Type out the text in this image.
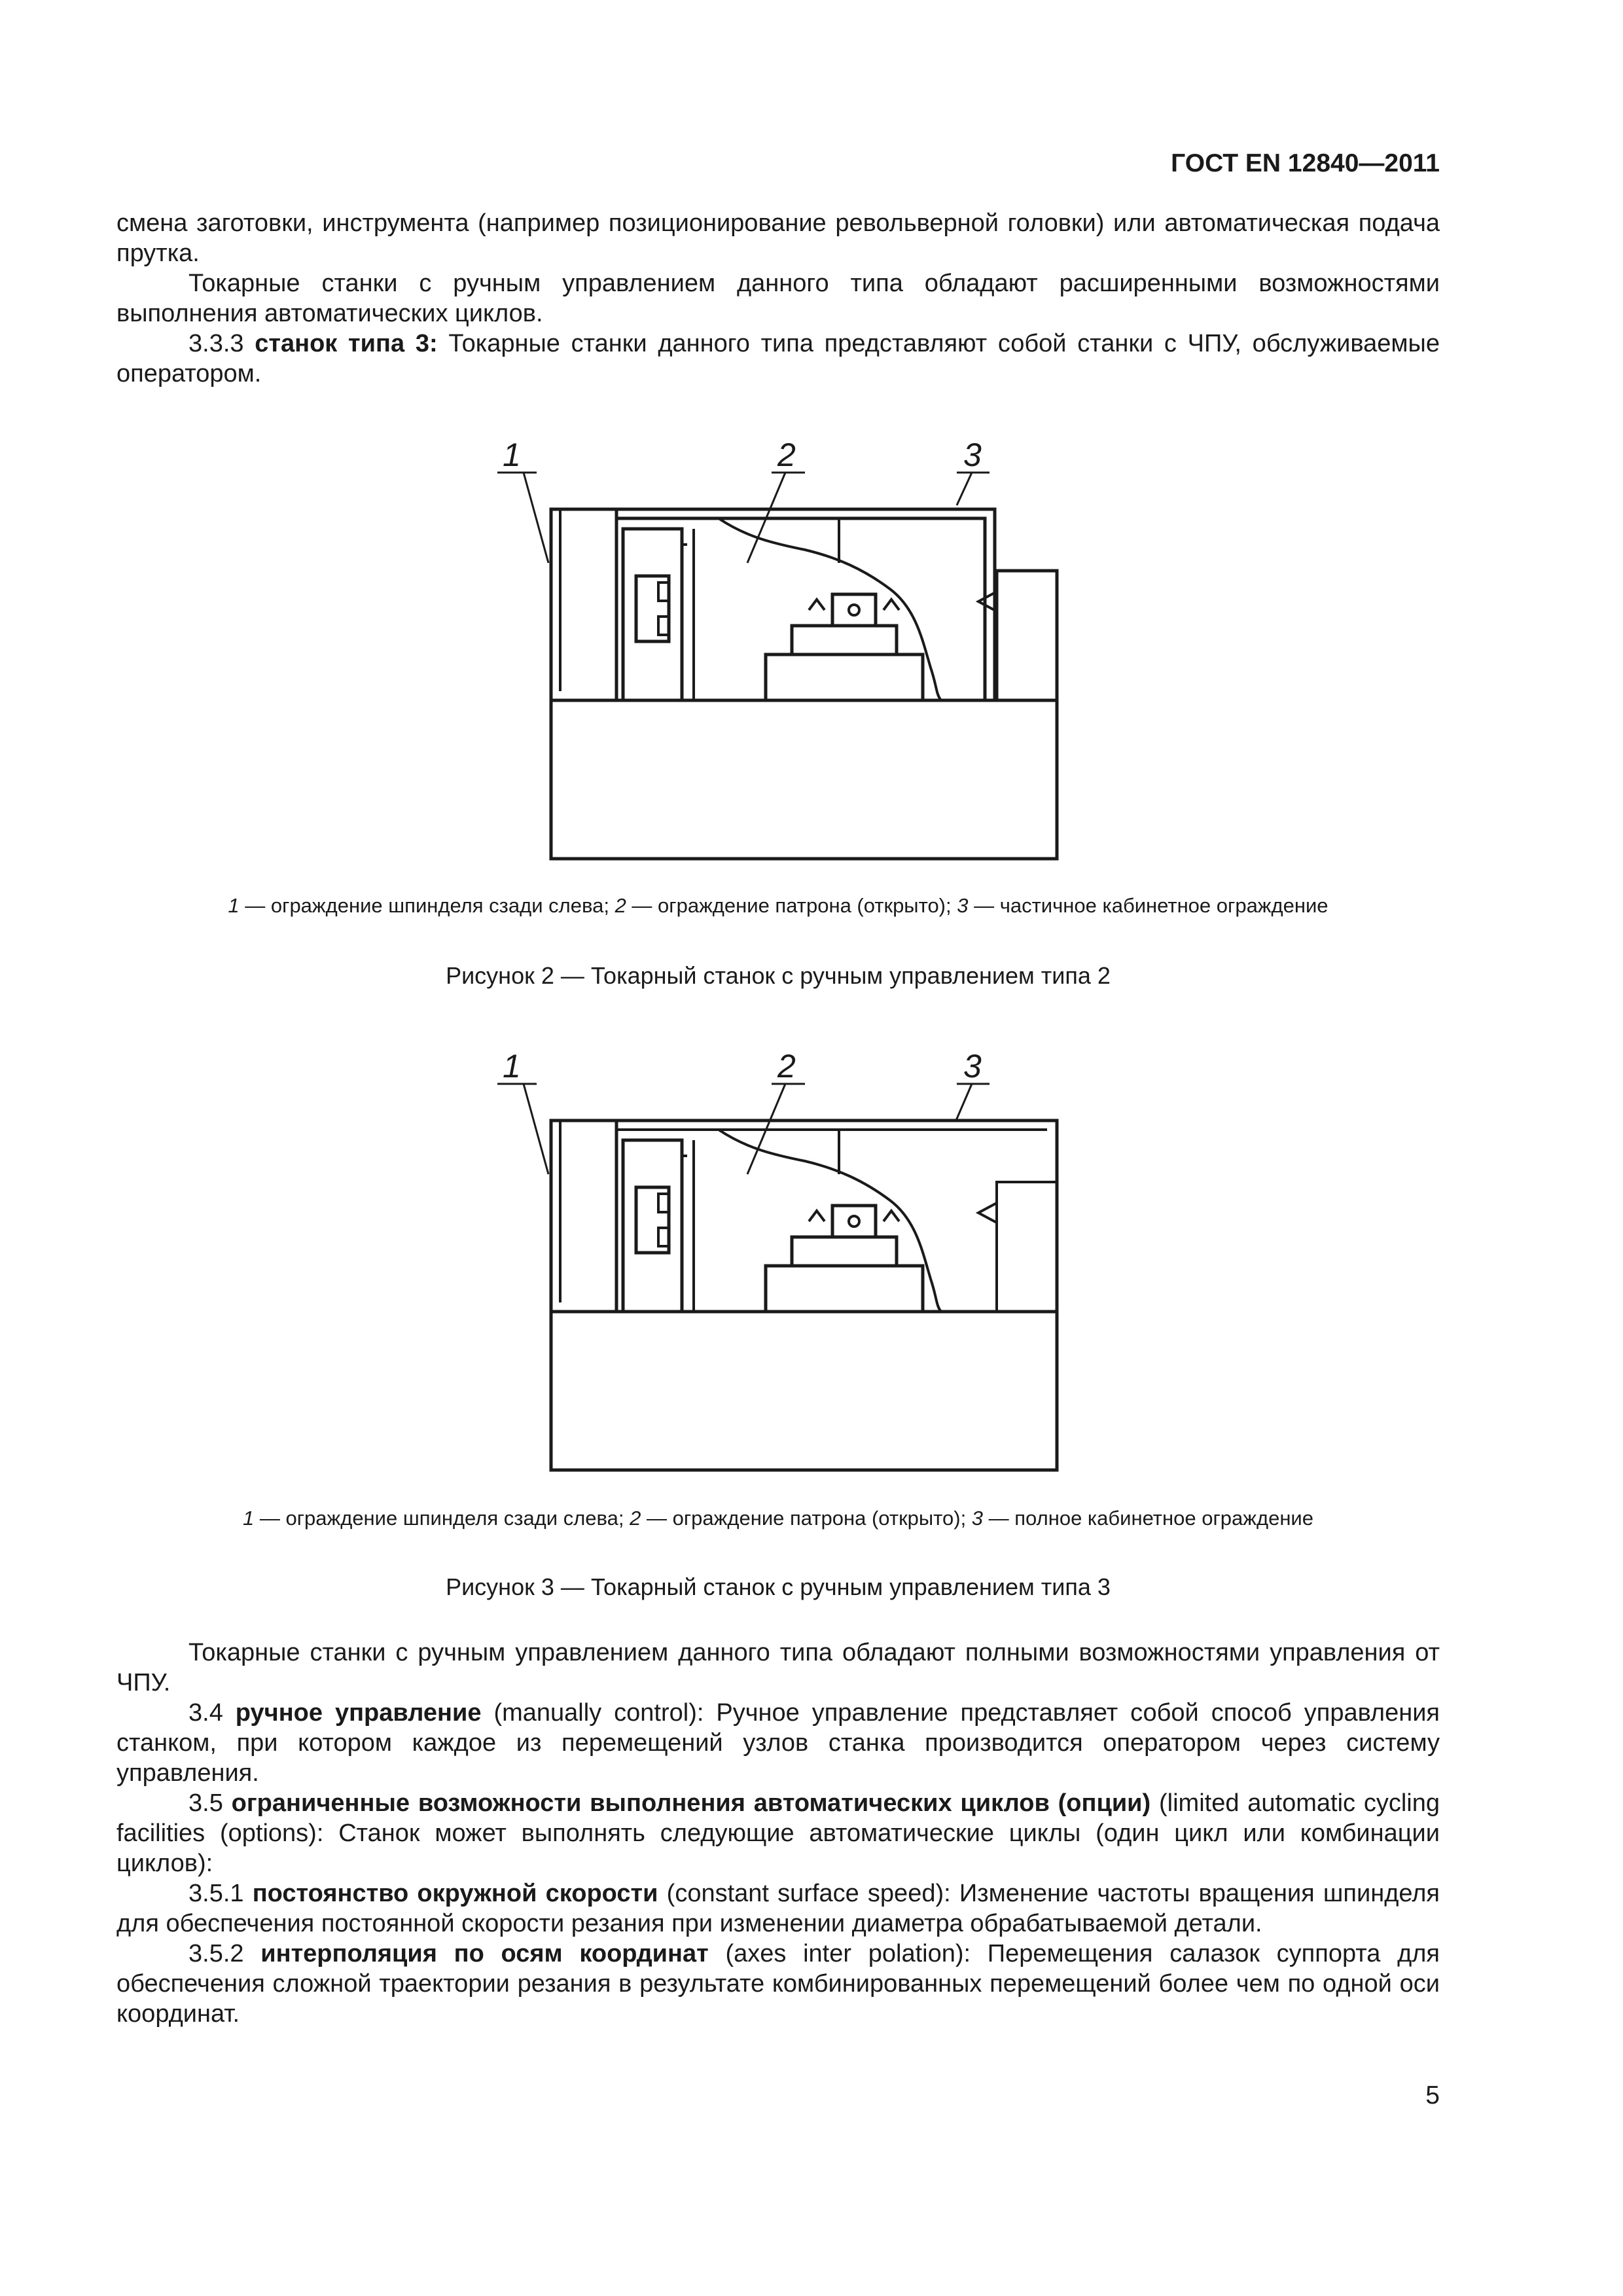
ГОСТ EN 12840—2011

смена заготовки, инструмента (например позиционирование револьверной головки) или автоматическая подача прутка.

Токарные станки с ручным управлением данного типа обладают расширенными возможностями выполнения автоматических циклов.

3.3.3 станок типа 3: Токарные станки данного типа представляют собой станки с ЧПУ, обслуживаемые оператором.

1	2	3
1 — ограждение шпинделя сзади слева; 2 — ограждение патрона (открыто); 3 — частичное кабинетное ограждение
Рисунок 2 — Токарный станок с ручным управлением типа 2
1	2	3
1 — ограждение шпинделя сзади слева; 2 — ограждение патрона (открыто); 3 — полное кабинетное ограждение
Рисунок 3 — Токарный станок с ручным управлением типа 3

Токарные станки с ручным управлением данного типа обладают полными возможностями управления от ЧПУ.

3.4 ручное управление (manually control): Ручное управление представляет собой способ управления станком, при котором каждое из перемещений узлов станка производится оператором через систему управления.

3.5 ограниченные возможности выполнения автоматических циклов (опции) (limited automatic cycling facilities (options): Станок может выполнять следующие автоматические циклы (один цикл или комбинации циклов):

3.5.1 постоянство окружной скорости (constant surface speed): Изменение частоты вращения шпинделя для обеспечения постоянной скорости резания при изменении диаметра обрабатываемой детали.

3.5.2 интерполяция по осям координат (axes inter polation): Перемещения салазок суппорта для обеспечения сложной траектории резания в результате комбинированных перемещений более чем по одной оси координат.

5
